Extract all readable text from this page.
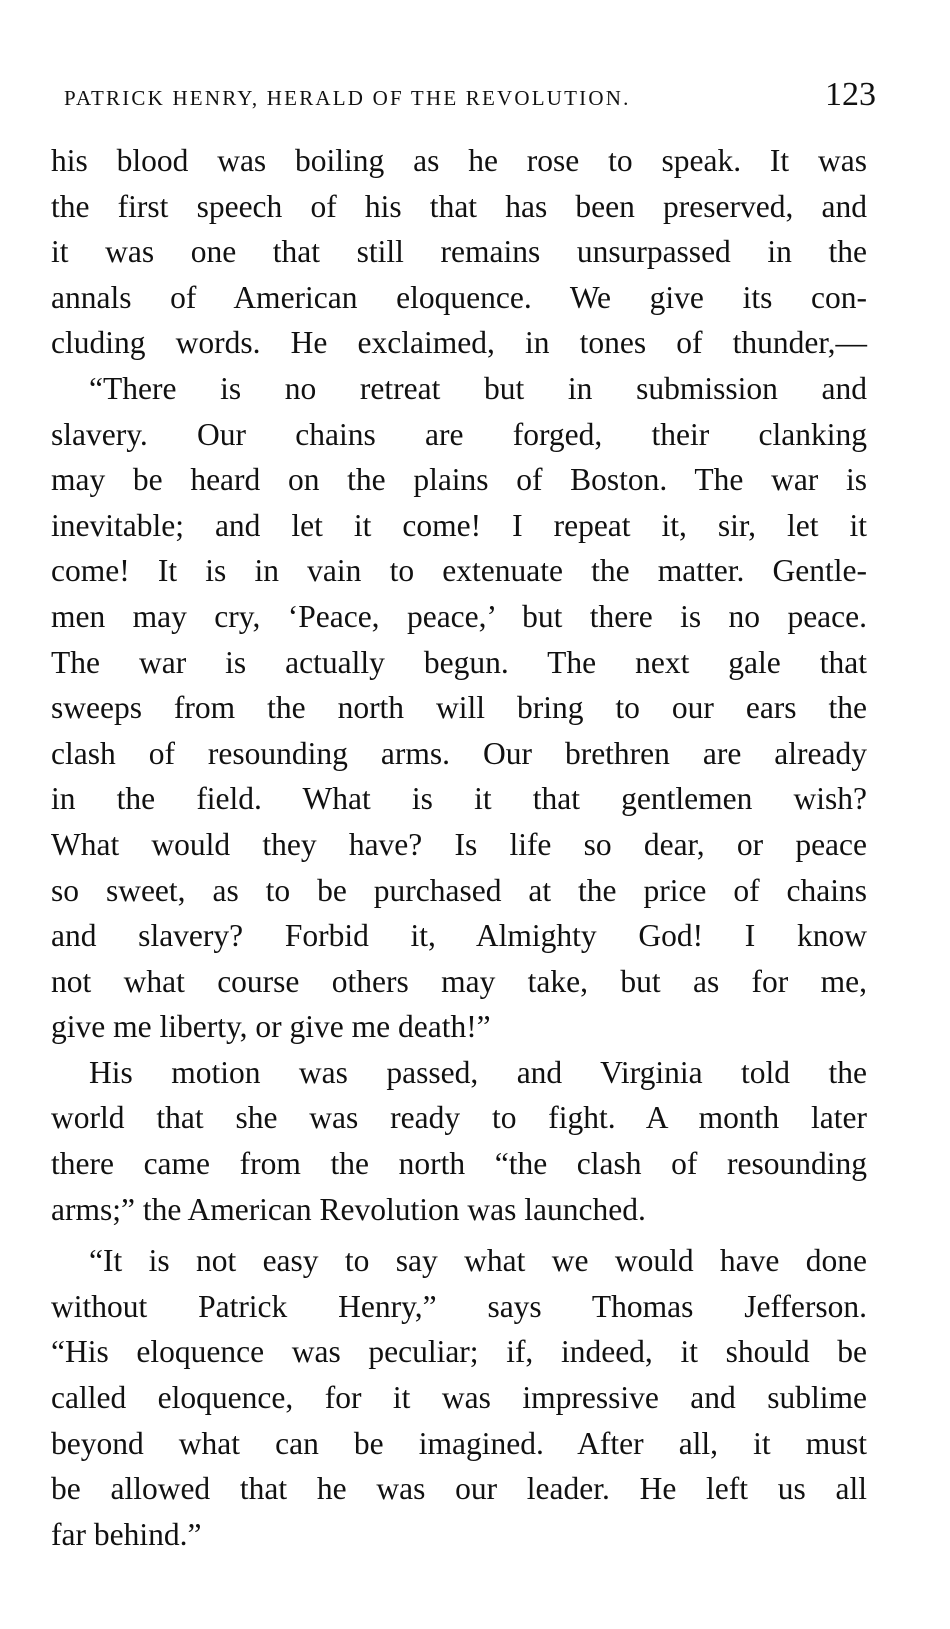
PATRICK HENRY, HERALD OF THE REVOLUTION.	123
his blood was boiling as he rose to speak. It was
the first speech of his that has been preserved, and
it was one that still remains unsurpassed in the
annals of American eloquence. We give its con-
cluding words. He exclaimed, in tones of thunder,—
“There is no retreat but in submission and
slavery. Our chains are forged, their clanking
may be heard on the plains of Boston. The war is
inevitable; and let it come! I repeat it, sir, let it
come! It is in vain to extenuate the matter. Gentle-
men may cry, ‘Peace, peace,’ but there is no peace.
The war is actually begun. The next gale that
sweeps from the north will bring to our ears the
clash of resounding arms. Our brethren are already
in the field. What is it that gentlemen wish?
What would they have? Is life so dear, or peace
so sweet, as to be purchased at the price of chains
and slavery? Forbid it, Almighty God! I know
not what course others may take, but as for me,
give me liberty, or give me death!”
His motion was passed, and Virginia told the
world that she was ready to fight. A month later
there came from the north “the clash of resounding
arms;” the American Revolution was launched.
“It is not easy to say what we would have done
without Patrick Henry,” says Thomas Jefferson.
“His eloquence was peculiar; if, indeed, it should be
called eloquence, for it was impressive and sublime
beyond what can be imagined. After all, it must
be allowed that he was our leader. He left us all
far behind.”
